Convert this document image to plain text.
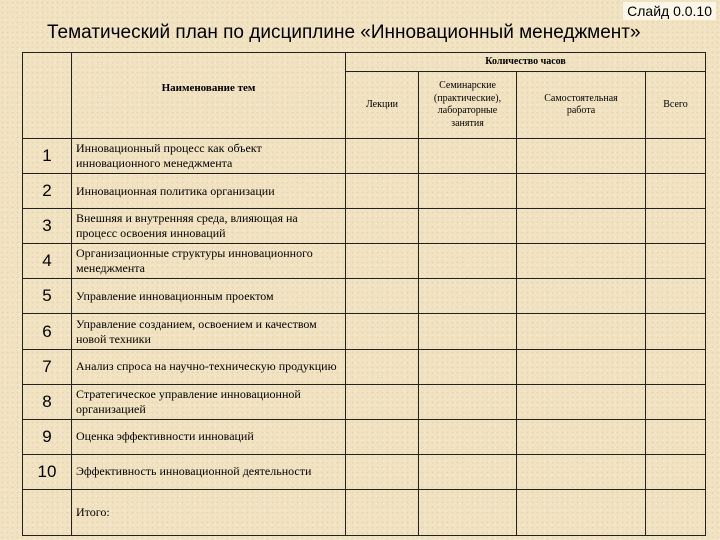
Слайд 0.0.10
Тематический план по дисциплине «Инновационный менеджмент»
	Наименование тем	Количество часов			
		Лекции	Семинарские (практические), лабораторные занятия	Самостоятельная работа	Всего
1	Инновационный процесс как объект инновационного менеджмента				
2	Инновационная политика организации				
3	Внешняя и внутренняя среда, влияющая на процесс освоения инноваций				
4	Организационные структуры инновационного менеджмента				
5	Управление инновационным проектом				
6	Управление созданием, освоением и качеством новой техники				
7	Анализ спроса на научно-техническую продукцию				
8	Стратегическое управление инновационной организацией				
9	Оценка эффективности инноваций				
10	Эффективность инновационной деятельности				
	Итого:				
